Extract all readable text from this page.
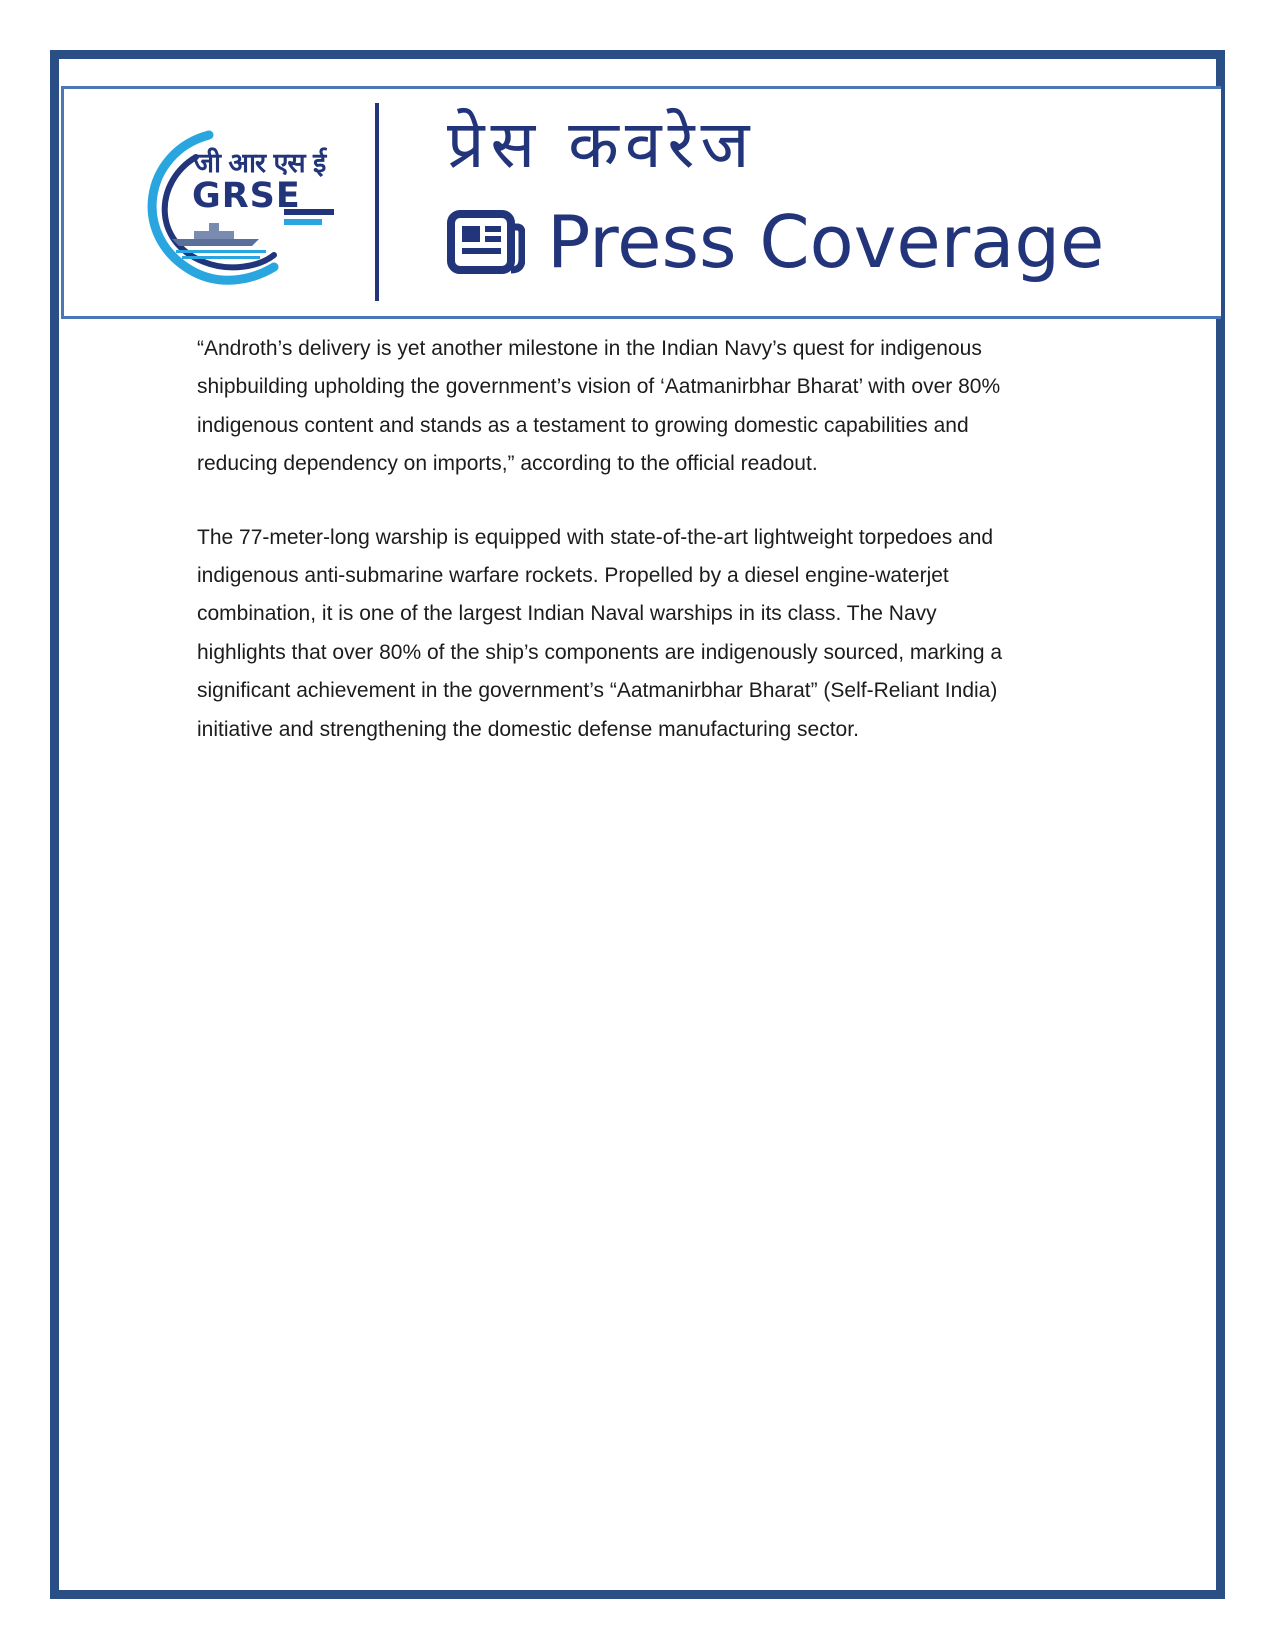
जी आर एस ई
GRSE
प्रेस कवरेज
Press Coverage

“Androth’s delivery is yet another milestone in the Indian Navy’s quest for indigenous shipbuilding upholding the government’s vision of ‘Aatmanirbhar Bharat’ with over 80% indigenous content and stands as a testament to growing domestic capabilities and reducing dependency on imports,” according to the official readout.

The 77-meter-long warship is equipped with state-of-the-art lightweight torpedoes and indigenous anti-submarine warfare rockets. Propelled by a diesel engine-waterjet combination, it is one of the largest Indian Naval warships in its class. The Navy highlights that over 80% of the ship’s components are indigenously sourced, marking a significant achievement in the government’s “Aatmanirbhar Bharat” (Self-Reliant India) initiative and strengthening the domestic defense manufacturing sector.
